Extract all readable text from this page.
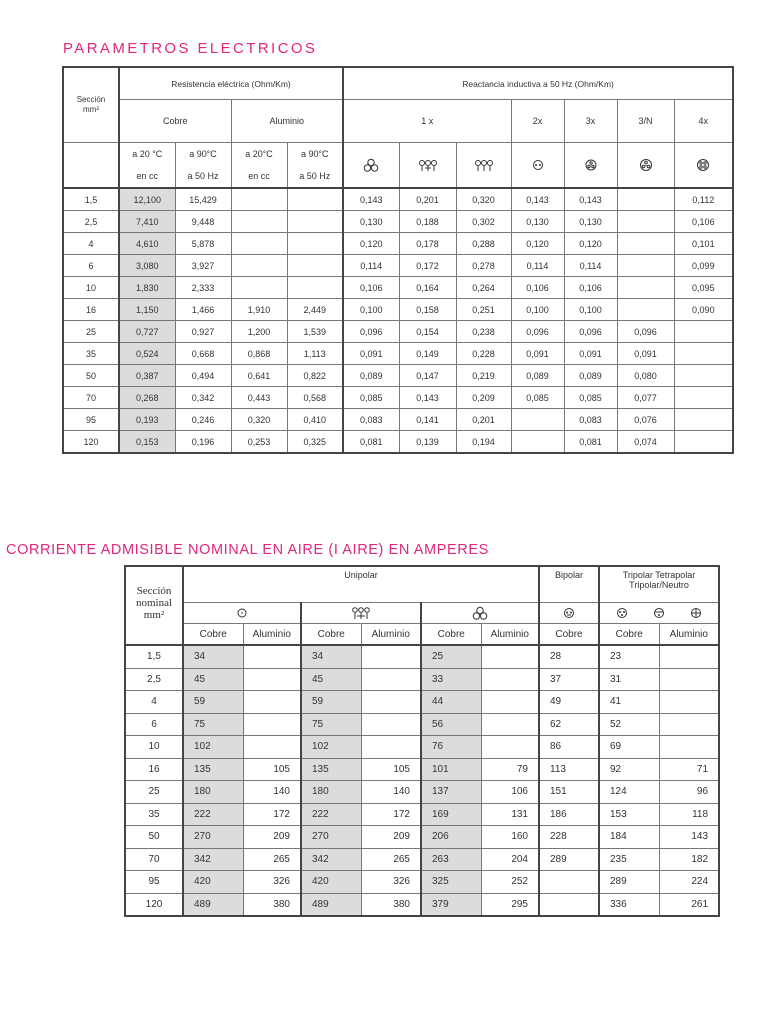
PARAMETROS ELECTRICOS
Sección
mm²	Resistencia eléctrica (Ohm/Km)				Reactancia inductiva a 50 Hz (Ohm/Km)						
	Cobre		Aluminio		1 x			2x	3x	3/N	4x
	a 20 °C	a 90°C	a 20°C	a 90°C							
	en cc	a 50 Hz	en cc	a 50 Hz							
1,5	12,100	15,429			0,143	0,201	0,320	0,143	0,143		0,112
2,5	7,410	9,448			0,130	0,188	0,302	0,130	0,130		0,106
4	4,610	5,878			0,120	0,178	0,288	0,120	0,120		0,101
6	3,080	3,927			0,114	0,172	0,278	0,114	0,114		0,099
10	1,830	2,333			0,106	0,164	0,264	0,106	0,106		0,095
16	1,150	1,466	1,910	2,449	0,100	0,158	0,251	0,100	0,100		0,090
25	0,727	0,927	1,200	1,539	0,096	0,154	0,238	0,096	0,096	0,096	
35	0,524	0,668	0,868	1,113	0,091	0,149	0,228	0,091	0,091	0,091	
50	0,387	0,494	0,641	0,822	0,089	0,147	0,219	0,089	0,089	0,080	
70	0,268	0,342	0,443	0,568	0,085	0,143	0,209	0,085	0,085	0,077	
95	0,193	0,246	0,320	0,410	0,083	0,141	0,201		0,083	0,076	
120	0,153	0,196	0,253	0,325	0,081	0,139	0,194		0,081	0,074	
CORRIENTE ADMISIBLE NOMINAL EN AIRE (I AIRE) EN AMPERES
Sección
nominal
mm²	Unipolar						Bipolar	Tripolar Tetrapolar
Tripolar/Neutro	

	Cobre	Aluminio	Cobre	Aluminio	Cobre	Aluminio	Cobre	Cobre	Aluminio
1,5	34		34		25		28	23	
2,5	45		45		33		37	31	
4	59		59		44		49	41	
6	75		75		56		62	52	
10	102		102		76		86	69	
16	135	105	135	105	101	79	113	92	71
25	180	140	180	140	137	106	151	124	96
35	222	172	222	172	169	131	186	153	118
50	270	209	270	209	206	160	228	184	143
70	342	265	342	265	263	204	289	235	182
95	420	326	420	326	325	252		289	224
120	489	380	489	380	379	295		336	261
